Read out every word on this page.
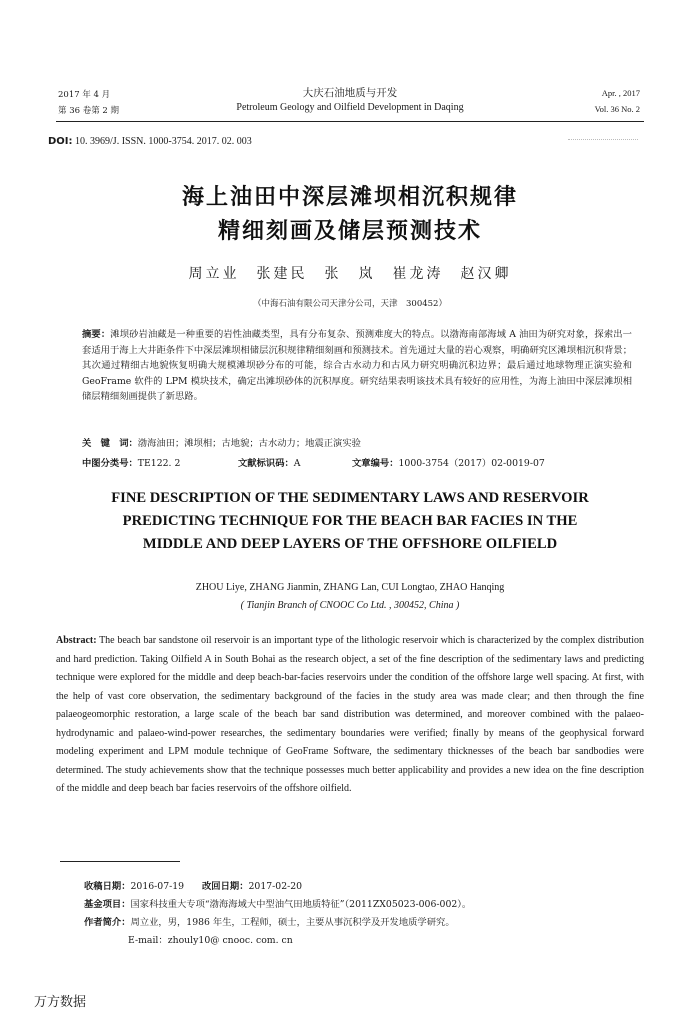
2017 年 4 月
第 36 卷第 2 期
大庆石油地质与开发
Petroleum Geology and Oilfield Development in Daqing
Apr. , 2017
Vol. 36 No. 2
DOI: 10. 3969/J. ISSN. 1000-3754. 2017. 02. 003
海上油田中深层滩坝相沉积规律
精细刻画及储层预测技术
周立业　张建民　张　岚　崔龙涛　赵汉卿
（中海石油有限公司天津分公司，天津　300452）
摘要：滩坝砂岩油藏是一种重要的岩性油藏类型，具有分布复杂、预测难度大的特点。以渤海南部海域 A 油田为研究对象，探索出一套适用于海上大井距条件下中深层滩坝相储层沉积规律精细刻画和预测技术。首先通过大量的岩心观察，明确研究区滩坝相沉积背景；其次通过精细古地貌恢复明确大规模滩坝砂分布的可能，综合古水动力和古风力研究明确沉积边界；最后通过地球物理正演实验和 GeoFrame 软件的 LPM 模块技术，确定出滩坝砂体的沉积厚度。研究结果表明该技术具有较好的应用性，为海上油田中深层滩坝相储层精细刻画提供了新思路。
关　键　词：渤海油田；滩坝相；古地貌；古水动力；地震正演实验
中图分类号：TE122. 2	文献标识码：A	文章编号：1000-3754（2017）02-0019-07
FINE DESCRIPTION OF THE SEDIMENTARY LAWS AND RESERVOIR
PREDICTING TECHNIQUE FOR THE BEACH BAR FACIES IN THE
MIDDLE AND DEEP LAYERS OF THE OFFSHORE OILFIELD
ZHOU Liye, ZHANG Jianmin, ZHANG Lan, CUI Longtao, ZHAO Hanqing
( Tianjin Branch of CNOOC Co Ltd. , 300452, China )
Abstract: The beach bar sandstone oil reservoir is an important type of the lithologic reservoir which is characterized by the complex distribution and hard prediction. Taking Oilfield A in South Bohai as the research object, a set of the fine description of the sedimentary laws and predicting technique were explored for the middle and deep beach-bar-facies reservoirs under the condition of the offshore large well spacing. At first, with the help of vast core observation, the sedimentary background of the facies in the study area was made clear; and then through the fine palaeogeomorphic restoration, a large scale of the beach bar sand distribution was determined, and moreover combined with the palaeo-hydrodynamic and palaeo-wind-power researches, the sedimentary boundaries were verified; finally by means of the geophysical forward modeling experiment and LPM module technique of GeoFrame Software, the sedimentary thicknesses of the beach bar sandbodies were determined. The study achievements show that the technique possesses much better applicability and provides a new idea on the fine description of the middle and deep beach bar facies reservoirs of the offshore oilfield.
收稿日期：2016-07-19 改回日期：2017-02-20
基金项目：国家科技重大专项“渤海海域大中型油气田地质特征”（2011ZX05023-006-002）。
作者简介：周立业，男，1986 年生，工程师，硕士，主要从事沉积学及开发地质学研究。
E-mail：zhouly10@ cnooc. com. cn
万方数据
